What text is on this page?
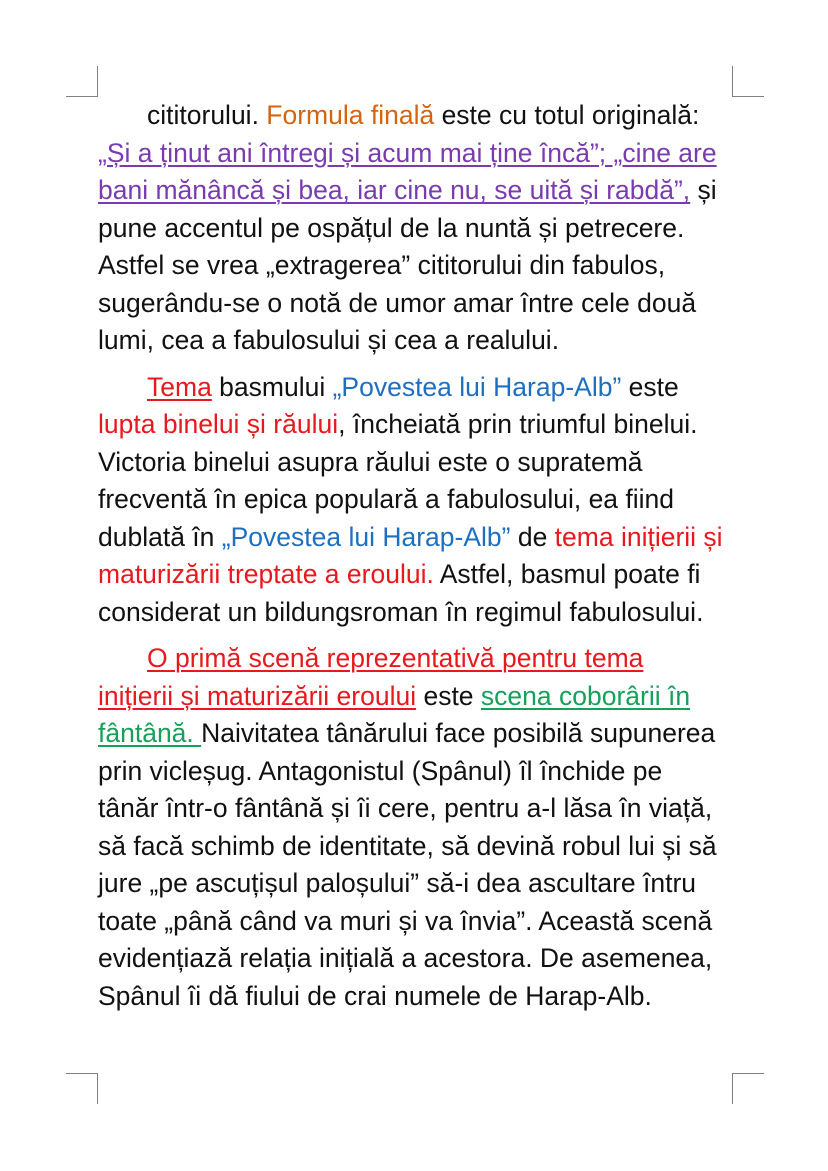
cititorului. Formula finală este cu totul originală: „Și a ținut ani întregi și acum mai ține încă”; „cine are bani mănâncă și bea, iar cine nu, se uită și rabdă”, și pune accentul pe ospățul de la nuntă și petrecere. Astfel se vrea „extragerea” cititorului din fabulos, sugerându-se o notă de umor amar între cele două lumi, cea a fabulosului și cea a realului.

Tema basmului „Povestea lui Harap-Alb” este lupta binelui și răului, încheiată prin triumful binelui. Victoria binelui asupra răului este o supratemă frecventă în epica populară a fabulosului, ea fiind dublată în „Povestea lui Harap-Alb” de tema inițierii și maturizării treptate a eroului. Astfel, basmul poate fi considerat un bildungsroman în regimul fabulosului.

O primă scenă reprezentativă pentru tema inițierii și maturizării eroului este scena coborârii în fântână. Naivitatea tânărului face posibilă supunerea prin vicleșug. Antagonistul (Spânul) îl închide pe tânăr într-o fântână și îi cere, pentru a-l lăsa în viață, să facă schimb de identitate, să devină robul lui și să jure „pe ascuțișul paloșului” să-i dea ascultare întru toate „până când va muri și va învia”. Această scenă evidențiază relația inițială a acestora. De asemenea, Spânul îi dă fiului de crai numele de Harap-Alb.
